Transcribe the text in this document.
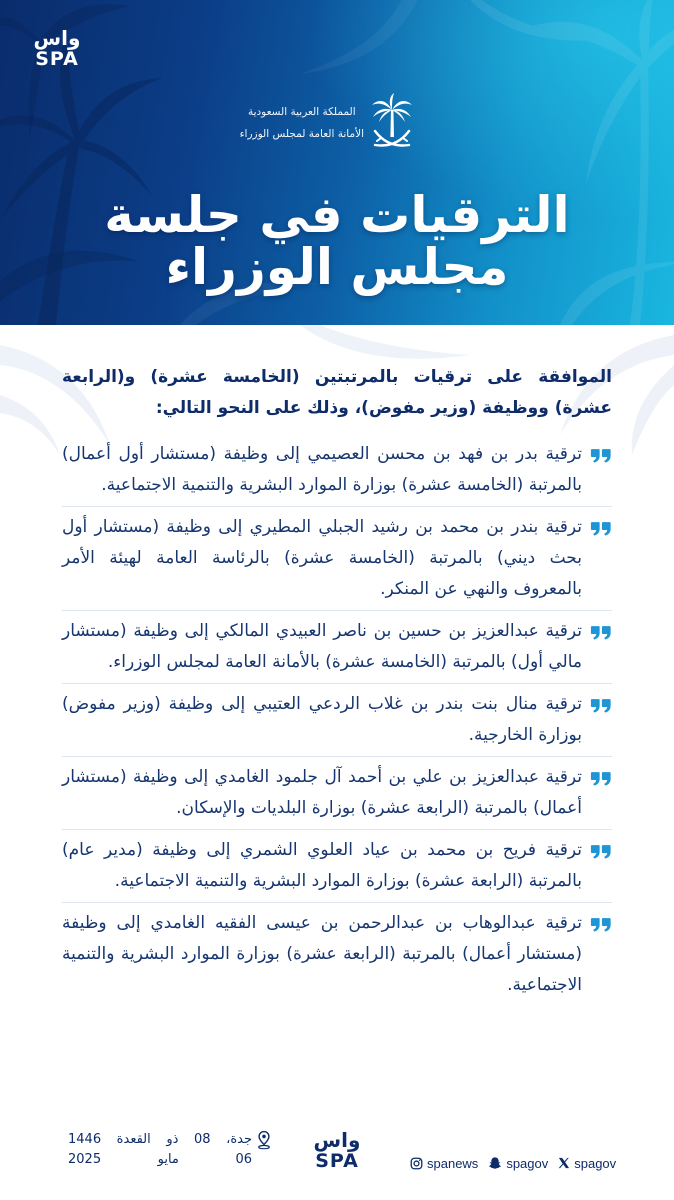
واس
SPA
المملكة العربية السعودية
الأمانة العامة لمجلس الوزراء
الترقيات في جلسة
مجلس الوزراء

الموافقة على ترقيات بالمرتبتين (الخامسة عشرة) و(الرابعة عشرة) ووظيفة (وزير مفوض)، وذلك على النحو التالي:

ترقية بدر بن فهد بن محسن العصيمي إلى وظيفة (مستشار أول أعمال) بالمرتبة (الخامسة عشرة) بوزارة الموارد البشرية والتنمية الاجتماعية.

ترقية بندر بن محمد بن رشيد الجبلي المطيري إلى وظيفة (مستشار أول بحث ديني) بالمرتبة (الخامسة عشرة) بالرئاسة العامة لهيئة الأمر بالمعروف والنهي عن المنكر.

ترقية عبدالعزيز بن حسين بن ناصر العبيدي المالكي إلى وظيفة (مستشار مالي أول) بالمرتبة (الخامسة عشرة) بالأمانة العامة لمجلس الوزراء.

ترقية منال بنت بندر بن غلاب الردعي العتيبي إلى وظيفة (وزير مفوض) بوزارة الخارجية.

ترقية عبدالعزيز بن علي بن أحمد آل جلمود الغامدي إلى وظيفة (مستشار أعمال) بالمرتبة (الرابعة عشرة) بوزارة البلديات والإسكان.

ترقية فريح بن محمد بن عياد العلوي الشمري إلى وظيفة (مدير عام) بالمرتبة (الرابعة عشرة) بوزارة الموارد البشرية والتنمية الاجتماعية.

ترقية عبدالوهاب بن عبدالرحمن بن عيسى الفقيه الغامدي إلى وظيفة (مستشار أعمال) بالمرتبة (الرابعة عشرة) بوزارة الموارد البشرية والتنمية الاجتماعية.

جدة، 08 ذو القعدة 1446
06 مايو 2025
واس
SPA	spanews spagov spagov
